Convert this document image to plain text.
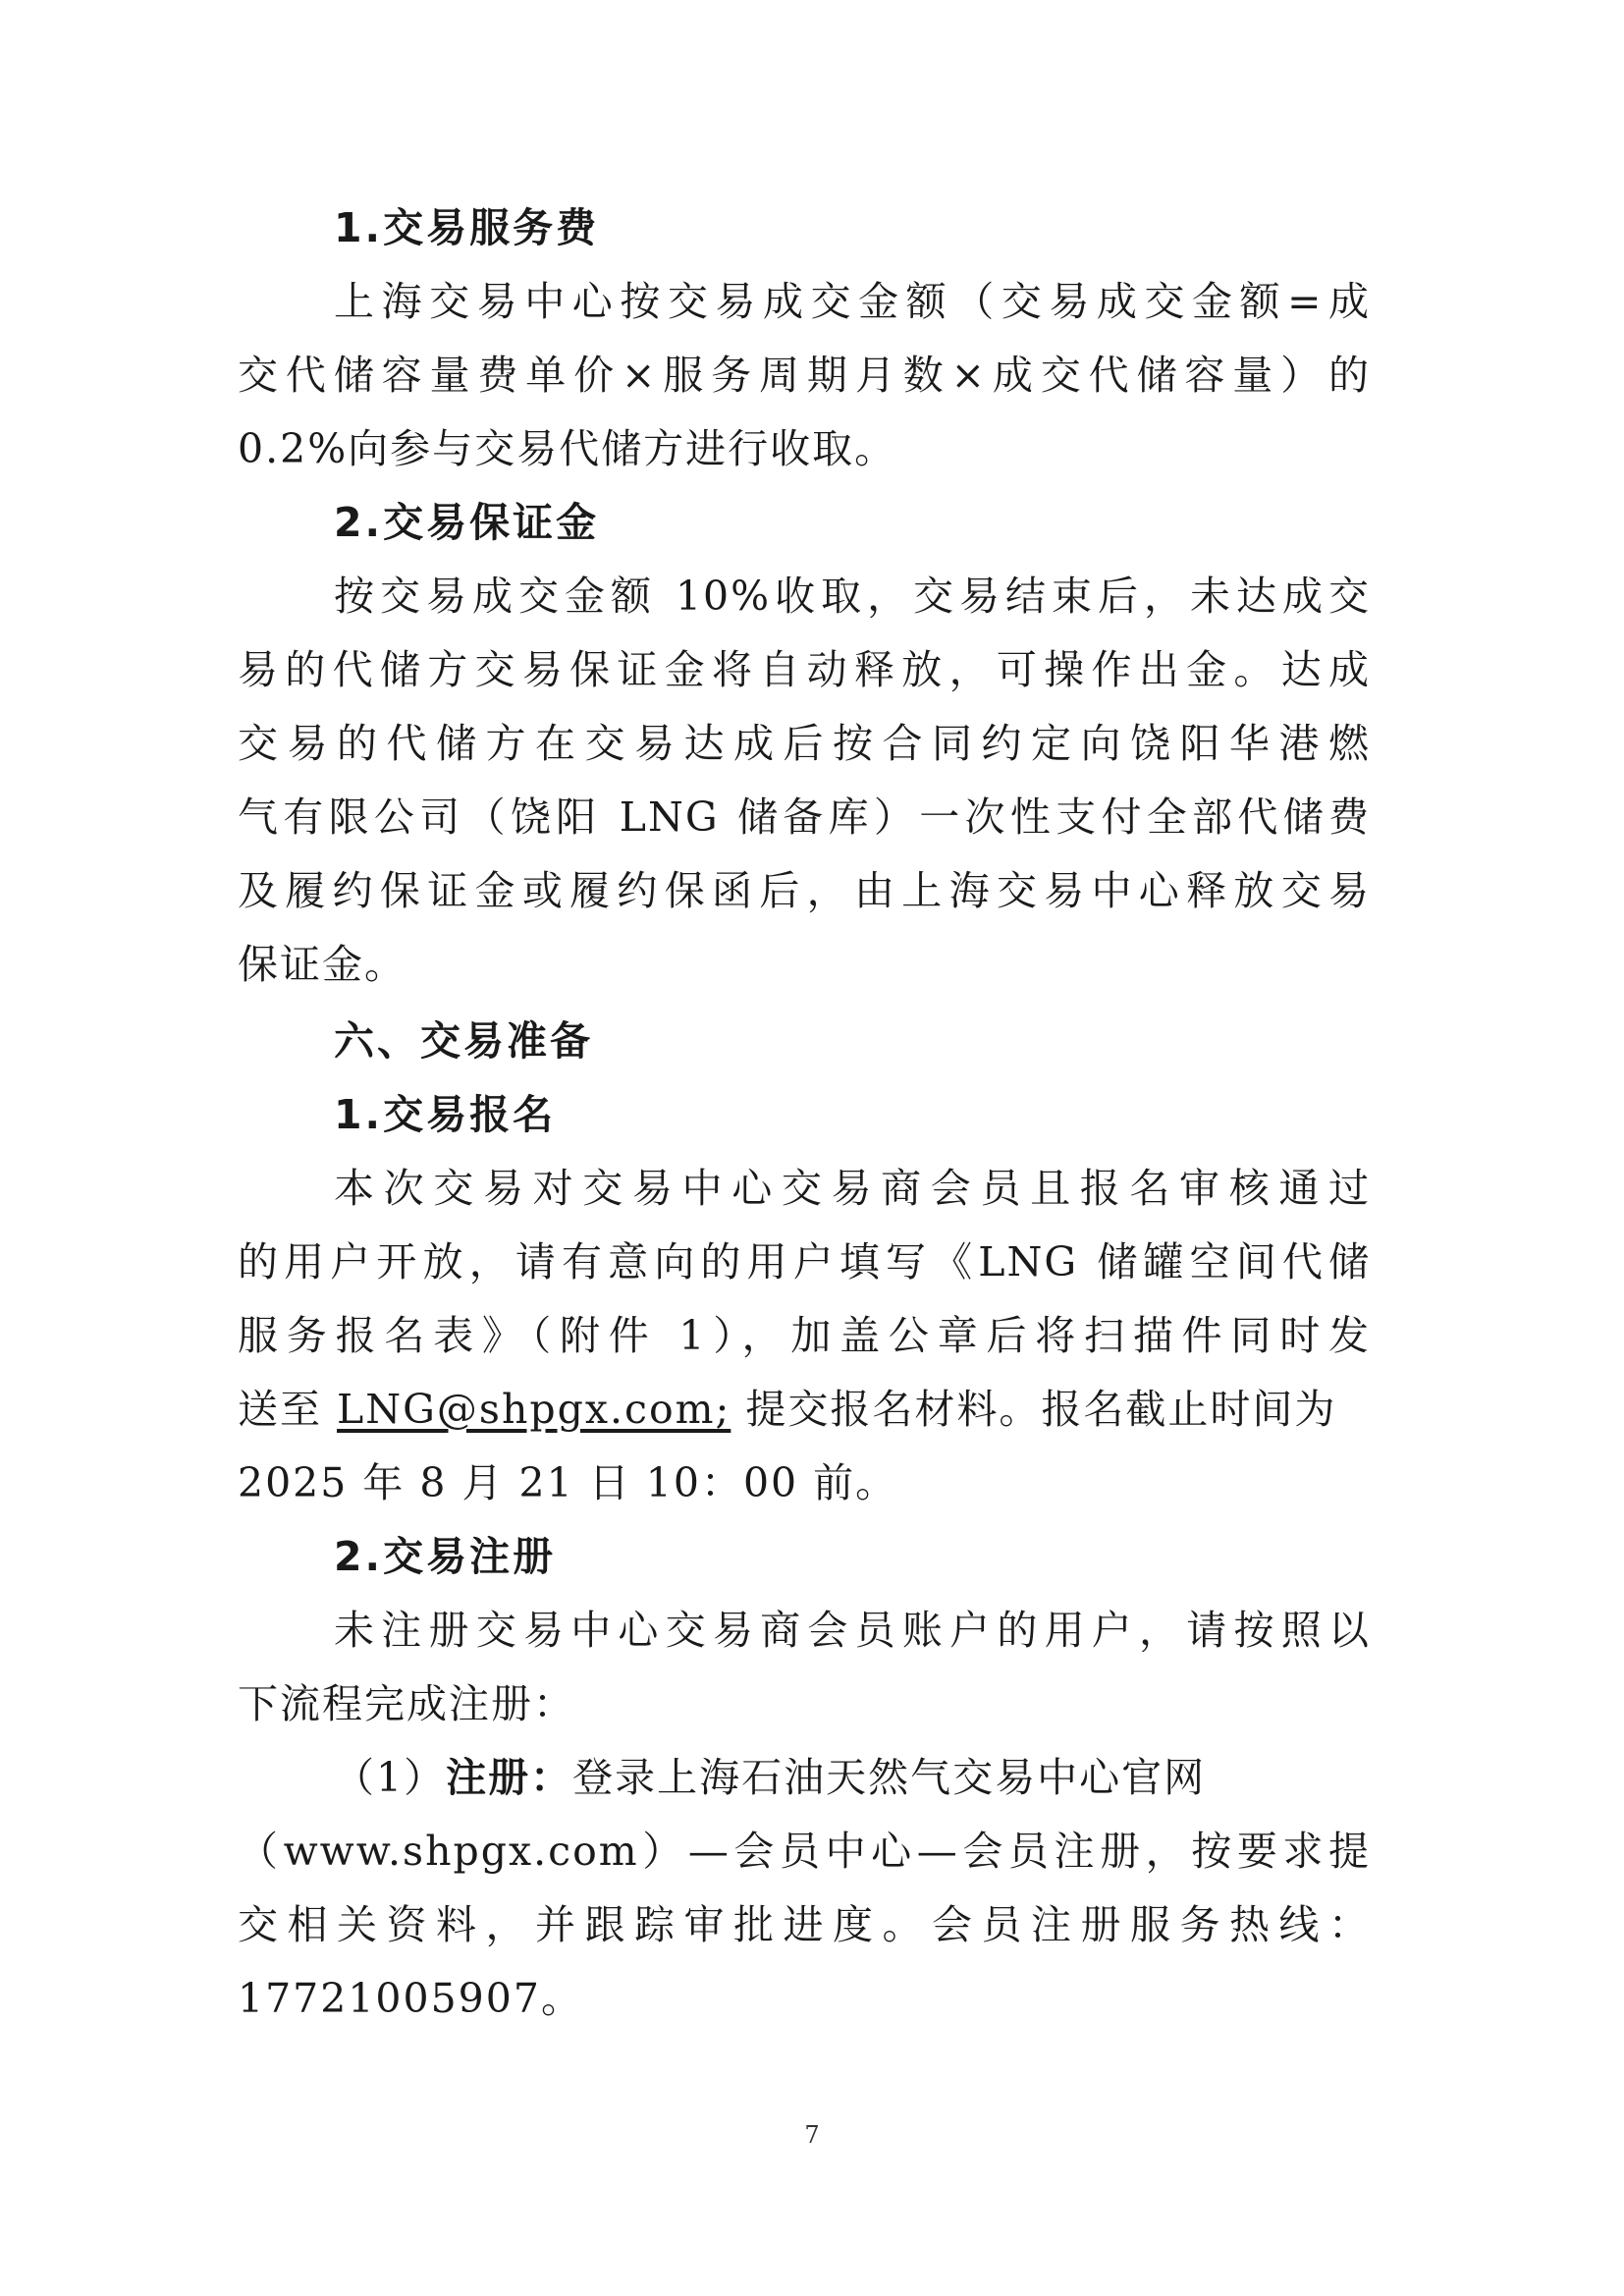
1.交易服务费
上海交易中心按交易成交金额（交易成交金额=成
交代储容量费单价×服务周期月数×成交代储容量）的
0.2%向参与交易代储方进行收取。
2.交易保证金
按交易成交金额 10%收取，交易结束后，未达成交
易的代储方交易保证金将自动释放，可操作出金。达成
交易的代储方在交易达成后按合同约定向饶阳华港燃
气有限公司（饶阳 LNG 储备库）一次性支付全部代储费
及履约保证金或履约保函后，由上海交易中心释放交易
保证金。
六、交易准备
1.交易报名
本次交易对交易中心交易商会员且报名审核通过
的用户开放，请有意向的用户填写《LNG 储罐空间代储
服务报名表》（附件 1），加盖公章后将扫描件同时发
送至 LNG@shpgx.com; 提交报名材料。报名截止时间为
2025 年 8 月 21 日 10：00 前。
2.交易注册
未注册交易中心交易商会员账户的用户，请按照以
下流程完成注册：
（1）注册：登录上海石油天然气交易中心官网
（www.shpgx.com）—会员中心—会员注册，按要求提
交相关资料，并跟踪审批进度。会员注册服务热线：
17721005907。
7
